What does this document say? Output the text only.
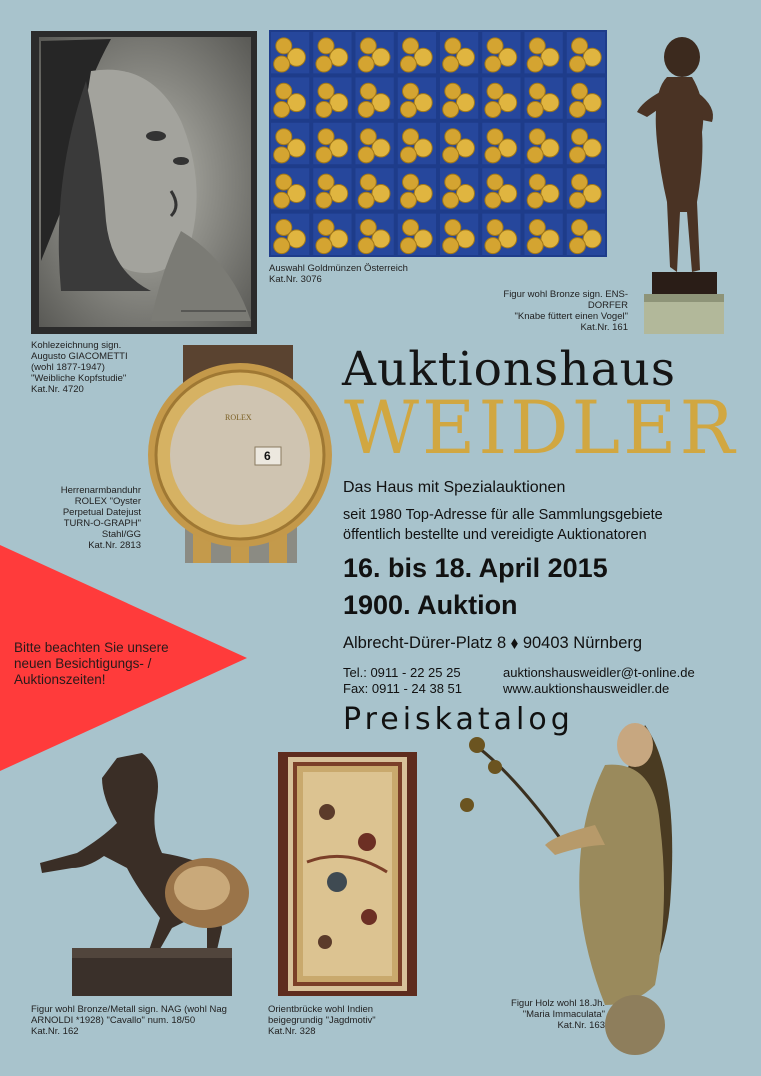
ROLEX
6
Kohlezeichnung sign.
Augusto GIACOMETTI
(wohl 1877-1947)
"Weibliche Kopfstudie"
Kat.Nr. 4720
Auswahl Goldmünzen Österreich
Kat.Nr. 3076
Figur wohl Bronze sign. ENS-
DORFER
"Knabe füttert einen Vogel"
Kat.Nr. 161
Herrenarmbanduhr
ROLEX "Oyster
Perpetual Datejust
TURN-O-GRAPH"
Stahl/GG
Kat.Nr. 2813
Figur wohl Bronze/Metall sign. NAG (wohl Nag
ARNOLDI *1928) "Cavallo" num. 18/50
Kat.Nr. 162
Orientbrücke wohl Indien
beigegrundig "Jagdmotiv"
Kat.Nr. 328
Figur Holz wohl 18.Jh.
"Maria Immaculata"
Kat.Nr. 163
Auktionshaus
WEIDLER
Das Haus mit Spezialauktionen
seit 1980 Top-Adresse für alle Sammlungsgebiete
öffentlich bestellte und vereidigte Auktionatoren
16. bis 18. April 2015
1900. Auktion
Albrecht-Dürer-Platz 8 ⬧ 90403 Nürnberg
Tel.: 0911 - 22 25 25
Fax: 0911 - 24 38 51
auktionshausweidler@t-online.de
www.auktionshausweidler.de
Preiskatalog
Bitte beachten Sie unsere
neuen Besichtigungs- /
Auktionszeiten!
